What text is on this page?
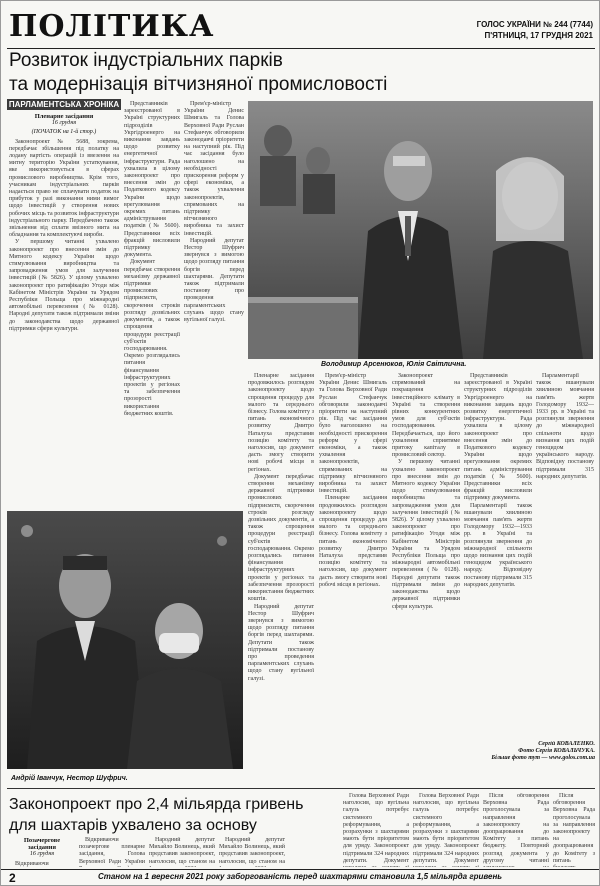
ПОЛІТИКА	ГОЛОС УКРАЇНИ № 244 (7744)
П'ЯТНИЦЯ, 17 ГРУДНЯ 2021
Розвиток індустріальних парків
та модернізація вітчизняної промисловості
ПАРЛАМЕНТСЬКА ХРОНІКА
Пленарне засідання
16 грудня
(ПОЧАТОК на 1-й стор.)

Законопроект № 5688, зокрема, передбачає збільшення під полатку на лодану вартість операцій із ввезення на митну територію України устаткування, яке використовується в сферах промислового виробництва. Крім того, учасникам індустріальних парків надається право не сплачувати податок на прибуток у разі виконання ними вимог щодо інвестицій у створення нових робочих місць та розвиток інфраструктури індустріального парку. Передбачено також звільнення від сплати ввізного мита на обладнання та комплектуючі вироби.

У першому читанні ухвалено законопроект про внесення змін до Митного кодексу України щодо стимулювання виробництва та запровадження умов для залучення інвестицій (№ 5826). У цілому ухвалено законопроект про ратифікацію Угоди між Кабінетом Міністрів України та Урядом Республіки Польща про міжнародні автомобільні перевезення (№ 0128). Народні депутати також підтримали зміни до законодавства щодо державної підтримки сфери культури.

Представників зареєстрованої в Україні структурних підрозділів Укргідроенерго на виконання завдань щодо розвитку енергетичної інфраструктури. Рада ухвалила в цілому законопроект про внесення змін до Податкового кодексу України щодо врегулювання окремих питань адміністрування податків (№ 5600). Представники всіх фракцій висловили підтримку документа.

Документ передбачає створення механізму державної підтримки промислових підприємств, скорочення строків розгляду дозвільних документів, а також спрощення процедури реєстрації суб'єктів господарювання. Окремо розглядались питання фінансування інфраструктурних проектів у регіонах та забезпечення прозорості використання бюджетних коштів.

Прем'єр-міністр України Денис Шмигаль та Голова Верховної Ради Руслан Стефанчук обговорили законодавчі пріоритети на наступний рік. Під час засідання було наголошено на необхідності прискорення реформ у сфері економіки, а також ухвалення законопроектів, спрямованих на підтримку вітчизняного виробника та захист інвестицій.

Народний депутат Нестор Шуфрич звернувся з вимогою щодо розгляду питання боргів перед шахтарями. Депутати також підтримали постанову про проведення парламентських слухань щодо стану вугільної галузі.

Володимир Арсенюков, Юлія Світлична.

Пленарне засідання продовжилось розглядом законопроекту щодо спрощення процедур для малого та середнього бізнесу. Голова комітету з питань економічного розвитку Дмитро Наталуха представив позицію комітету та наголосив, що документ дасть змогу створити нові робочі місця в регіонах.

Документ передбачає створення механізму державної підтримки промислових підприємств, скорочення строків розгляду дозвільних документів, а також спрощення процедури реєстрації суб'єктів господарювання. Окремо розглядались питання фінансування інфраструктурних проектів у регіонах та забезпечення прозорості використання бюджетних коштів.

Народний депутат Нестор Шуфрич звернувся з вимогою щодо розгляду питання боргів перед шахтарями. Депутати також підтримали постанову про проведення парламентських слухань щодо стану вугільної галузі.

Прем'єр-міністр України Денис Шмигаль та Голова Верховної Ради Руслан Стефанчук обговорили законодавчі пріоритети на наступний рік. Під час засідання було наголошено на необхідності прискорення реформ у сфері економіки, а також ухвалення законопроектів, спрямованих на підтримку вітчизняного виробника та захист інвестицій.

Пленарне засідання продовжилось розглядом законопроекту щодо спрощення процедур для малого та середнього бізнесу. Голова комітету з питань економічного розвитку Дмитро Наталуха представив позицію комітету та наголосив, що документ дасть змогу створити нові робочі місця в регіонах.

Законопроект спрямований на покращення інвестиційного клімату в Україні та створення рівних конкурентних умов для суб'єктів господарювання. Передбачається, що його ухвалення сприятиме притоку капіталу в промисловий сектор.

У першому читанні ухвалено законопроект про внесення змін до Митного кодексу України щодо стимулювання виробництва та запровадження умов для залучення інвестицій (№ 5826). У цілому ухвалено законопроект про ратифікацію Угоди між Кабінетом Міністрів України та Урядом Республіки Польща про міжнародні автомобільні перевезення (№ 0128). Народні депутати також підтримали зміни до законодавства щодо державної підтримки сфери культури.

Представників зареєстрованої в Україні структурних підрозділів Укргідроенерго на виконання завдань щодо розвитку енергетичної інфраструктури. Рада ухвалила в цілому законопроект про внесення змін до Податкового кодексу України щодо врегулювання окремих питань адміністрування податків (№ 5600). Представники всіх фракцій висловили підтримку документа.

Парламентарії також вшанували хвилиною мовчання пам'ять жертв Голодомору 1932—1933 рр. в Україні та розглянули звернення до міжнародної спільноти щодо визнання цих подій геноцидом українського народу. Відповідну постанову підтримали 315 народних депутатів.

Парламентарії також вшанували хвилиною мовчання пам'ять жертв Голодомору 1932—1933 рр. в Україні та розглянули звернення до міжнародної спільноти щодо визнання цих подій геноцидом українського народу. Відповідну постанову підтримали 315 народних депутатів.

Сергій КОВАЛЕНКО.
Фото Сергія КОВАЛЬЧУКА.
Більше фото тут — www.golos.com.ua
Андрій Іванчук, Нестор Шуфрич.
Законопроект про 2,4 мільярда гривень
для шахтарів ухвалено за основу
Позачергове засідання
16 грудня

Відкриваючи

Відкриваючи позачергове пленарне засідання, Голова Верховної Ради України

Народний депутат Михайло Волинець, який представив законопроект, наголосив, що станом на

Народний депутат Михайло Волинець, який представив законопроект, наголосив, що станом на

Голова Верховної Ради наголосив, що вугільна галузь потребує системного реформування, а розрахунки з шахтарями мають бути пріоритетом для уряду. Законопроект підтримали 324 народних депутати. Документ

Голова Верховної Ради наголосив, що вугільна галузь потребує системного реформування, а розрахунки з шахтарями мають бути пріоритетом для уряду. Законопроект підтримали 324 народних депутати. Документ

Після обговорення Верховна Рада проголосувала за направлення законопроекту на доопрацювання до Комітету з питань бюджету. Повторний розгляд документа у другому читанні

Після обговорення Верховна Рада проголосувала за направлення законопроекту на доопрацювання до Комітету з питань

2	Станом на 1 вересня 2021 року заборгованість перед шахтарями становила 1,5 мільярда гривень
